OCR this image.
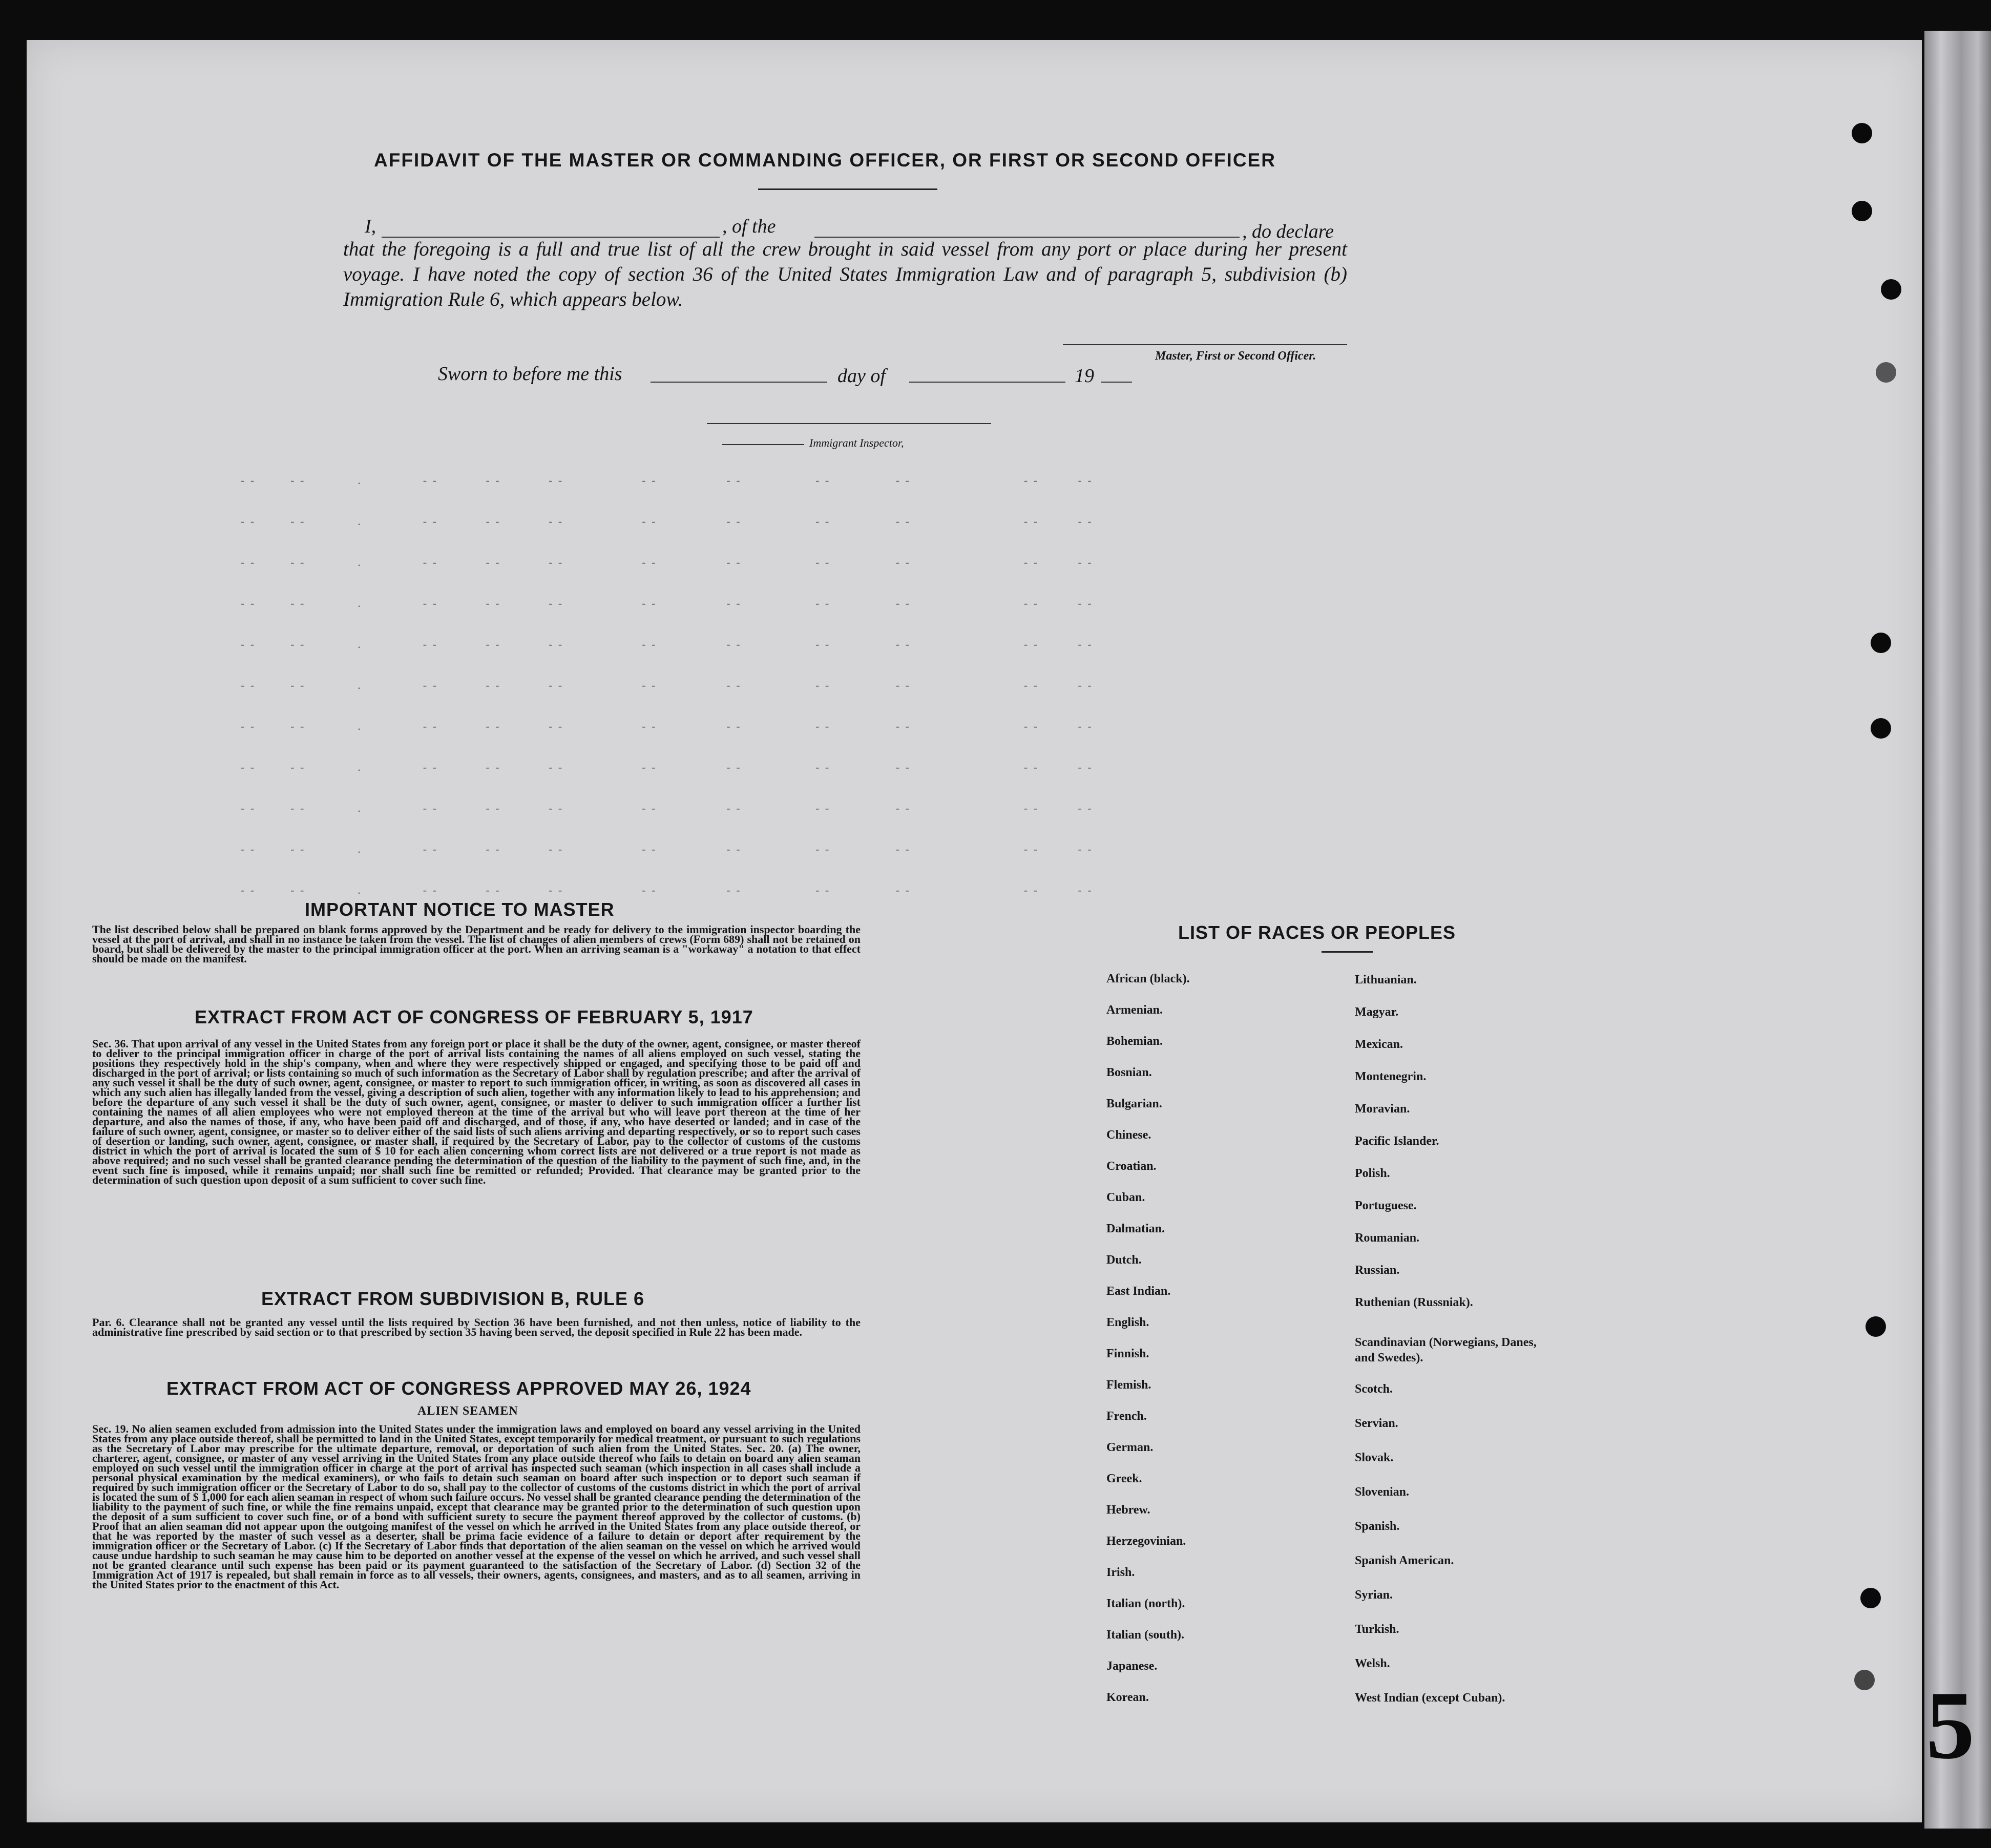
5
AFFIDAVIT OF THE MASTER OR COMMANDING OFFICER, OR FIRST OR SECOND OFFICER
I,	, of the	, do declare
that the foregoing is a full and true list of all the crew brought in said vessel from any port or place during her present voyage. I have noted the copy of section 36 of the United States Immigration Law and of paragraph 5, subdivision (b) Immigration Rule 6, which appears below.
Master, First or Second Officer.
Sworn to before me this	day of	19
Immigrant Inspector,
- -        - -            .              - -           - -           - -                  - -                - -                 - -               - -                          - -         - -
- -        - -            .              - -           - -           - -                  - -                - -                 - -               - -                          - -         - -
- -        - -            .              - -           - -           - -                  - -                - -                 - -               - -                          - -         - -
- -        - -            .              - -           - -           - -                  - -                - -                 - -               - -                          - -         - -
- -        - -            .              - -           - -           - -                  - -                - -                 - -               - -                          - -         - -
- -        - -            .              - -           - -           - -                  - -                - -                 - -               - -                          - -         - -
- -        - -            .              - -           - -           - -                  - -                - -                 - -               - -                          - -         - -
- -        - -            .              - -           - -           - -                  - -                - -                 - -               - -                          - -         - -
- -        - -            .              - -           - -           - -                  - -                - -                 - -               - -                          - -         - -
- -        - -            .              - -           - -           - -                  - -                - -                 - -               - -                          - -         - -
- -        - -            .              - -           - -           - -                  - -                - -                 - -               - -                          - -         - -
IMPORTANT NOTICE TO MASTER
The list described below shall be prepared on blank forms approved by the Department and be ready for delivery to the immigration inspector boarding the vessel at the port of arrival, and shall in no instance be taken from the vessel. The list of changes of alien members of crews (Form 689) shall not be retained on board, but shall be delivered by the master to the principal immigration officer at the port. When an arriving seaman is a "workaway" a notation to that effect should be made on the manifest.
EXTRACT FROM ACT OF CONGRESS OF FEBRUARY 5, 1917
Sec. 36. That upon arrival of any vessel in the United States from any foreign port or place it shall be the duty of the owner, agent, consignee, or master thereof to deliver to the principal immigration officer in charge of the port of arrival lists containing the names of all aliens employed on such vessel, stating the positions they respectively hold in the ship's company, when and where they were respectively shipped or engaged, and specifying those to be paid off and discharged in the port of arrival; or lists containing so much of such information as the Secretary of Labor shall by regulation prescribe; and after the arrival of any such vessel it shall be the duty of such owner, agent, consignee, or master to report to such immigration officer, in writing, as soon as discovered all cases in which any such alien has illegally landed from the vessel, giving a description of such alien, together with any information likely to lead to his apprehension; and before the departure of any such vessel it shall be the duty of such owner, agent, consignee, or master to deliver to such immigration officer a further list containing the names of all alien employees who were not employed thereon at the time of the arrival but who will leave port thereon at the time of her departure, and also the names of those, if any, who have been paid off and discharged, and of those, if any, who have deserted or landed; and in case of the failure of such owner, agent, consignee, or master so to deliver either of the said lists of such aliens arriving and departing respectively, or so to report such cases of desertion or landing, such owner, agent, consignee, or master shall, if required by the Secretary of Labor, pay to the collector of customs of the customs district in which the port of arrival is located the sum of $ 10 for each alien concerning whom correct lists are not delivered or a true report is not made as above required; and no such vessel shall be granted clearance pending the determination of the question of the liability to the payment of such fine, and, in the event such fine is imposed, while it remains unpaid; nor shall such fine be remitted or refunded; Provided. That clearance may be granted prior to the determination of such question upon deposit of a sum sufficient to cover such fine.
EXTRACT FROM SUBDIVISION B, RULE 6
Par. 6. Clearance shall not be granted any vessel until the lists required by Section 36 have been furnished, and not then unless, notice of liability to the administrative fine prescribed by said section or to that prescribed by section 35 having been served, the deposit specified in Rule 22 has been made.
EXTRACT FROM ACT OF CONGRESS APPROVED MAY 26, 1924
ALIEN SEAMEN
Sec. 19. No alien seamen excluded from admission into the United States under the immigration laws and employed on board any vessel arriving in the United States from any place outside thereof, shall be permitted to land in the United States, except temporarily for medical treatment, or pursuant to such regulations as the Secretary of Labor may prescribe for the ultimate departure, removal, or deportation of such alien from the United States. Sec. 20. (a) The owner, charterer, agent, consignee, or master of any vessel arriving in the United States from any place outside thereof who fails to detain on board any alien seaman employed on such vessel until the immigration officer in charge at the port of arrival has inspected such seaman (which inspection in all cases shall include a personal physical examination by the medical examiners), or who fails to detain such seaman on board after such inspection or to deport such seaman if required by such immigration officer or the Secretary of Labor to do so, shall pay to the collector of customs of the customs district in which the port of arrival is located the sum of $ 1,000 for each alien seaman in respect of whom such failure occurs. No vessel shall be granted clearance pending the determination of the liability to the payment of such fine, or while the fine remains unpaid, except that clearance may be granted prior to the determination of such question upon the deposit of a sum sufficient to cover such fine, or of a bond with sufficient surety to secure the payment thereof approved by the collector of customs. (b) Proof that an alien seaman did not appear upon the outgoing manifest of the vessel on which he arrived in the United States from any place outside thereof, or that he was reported by the master of such vessel as a deserter, shall be prima facie evidence of a failure to detain or deport after requirement by the immigration officer or the Secretary of Labor. (c) If the Secretary of Labor finds that deportation of the alien seaman on the vessel on which he arrived would cause undue hardship to such seaman he may cause him to be deported on another vessel at the expense of the vessel on which he arrived, and such vessel shall not be granted clearance until such expense has been paid or its payment guaranteed to the satisfaction of the Secretary of Labor. (d) Section 32 of the Immigration Act of 1917 is repealed, but shall remain in force as to all vessels, their owners, agents, consignees, and masters, and as to all seamen, arriving in the United States prior to the enactment of this Act.
LIST OF RACES OR PEOPLES
African (black).
Armenian.
Bohemian.
Bosnian.
Bulgarian.
Chinese.
Croatian.
Cuban.
Dalmatian.
Dutch.
East Indian.
English.
Finnish.
Flemish.
French.
German.
Greek.
Hebrew.
Herzegovinian.
Irish.
Italian (north).
Italian (south).
Japanese.
Korean.
Lithuanian.
Magyar.
Mexican.
Montenegrin.
Moravian.
Pacific Islander.
Polish.
Portuguese.
Roumanian.
Russian.
Ruthenian (Russniak).
Scandinavian (Norwegians, Danes, and Swedes).
Scotch.
Servian.
Slovak.
Slovenian.
Spanish.
Spanish American.
Syrian.
Turkish.
Welsh.
West Indian (except Cuban).
